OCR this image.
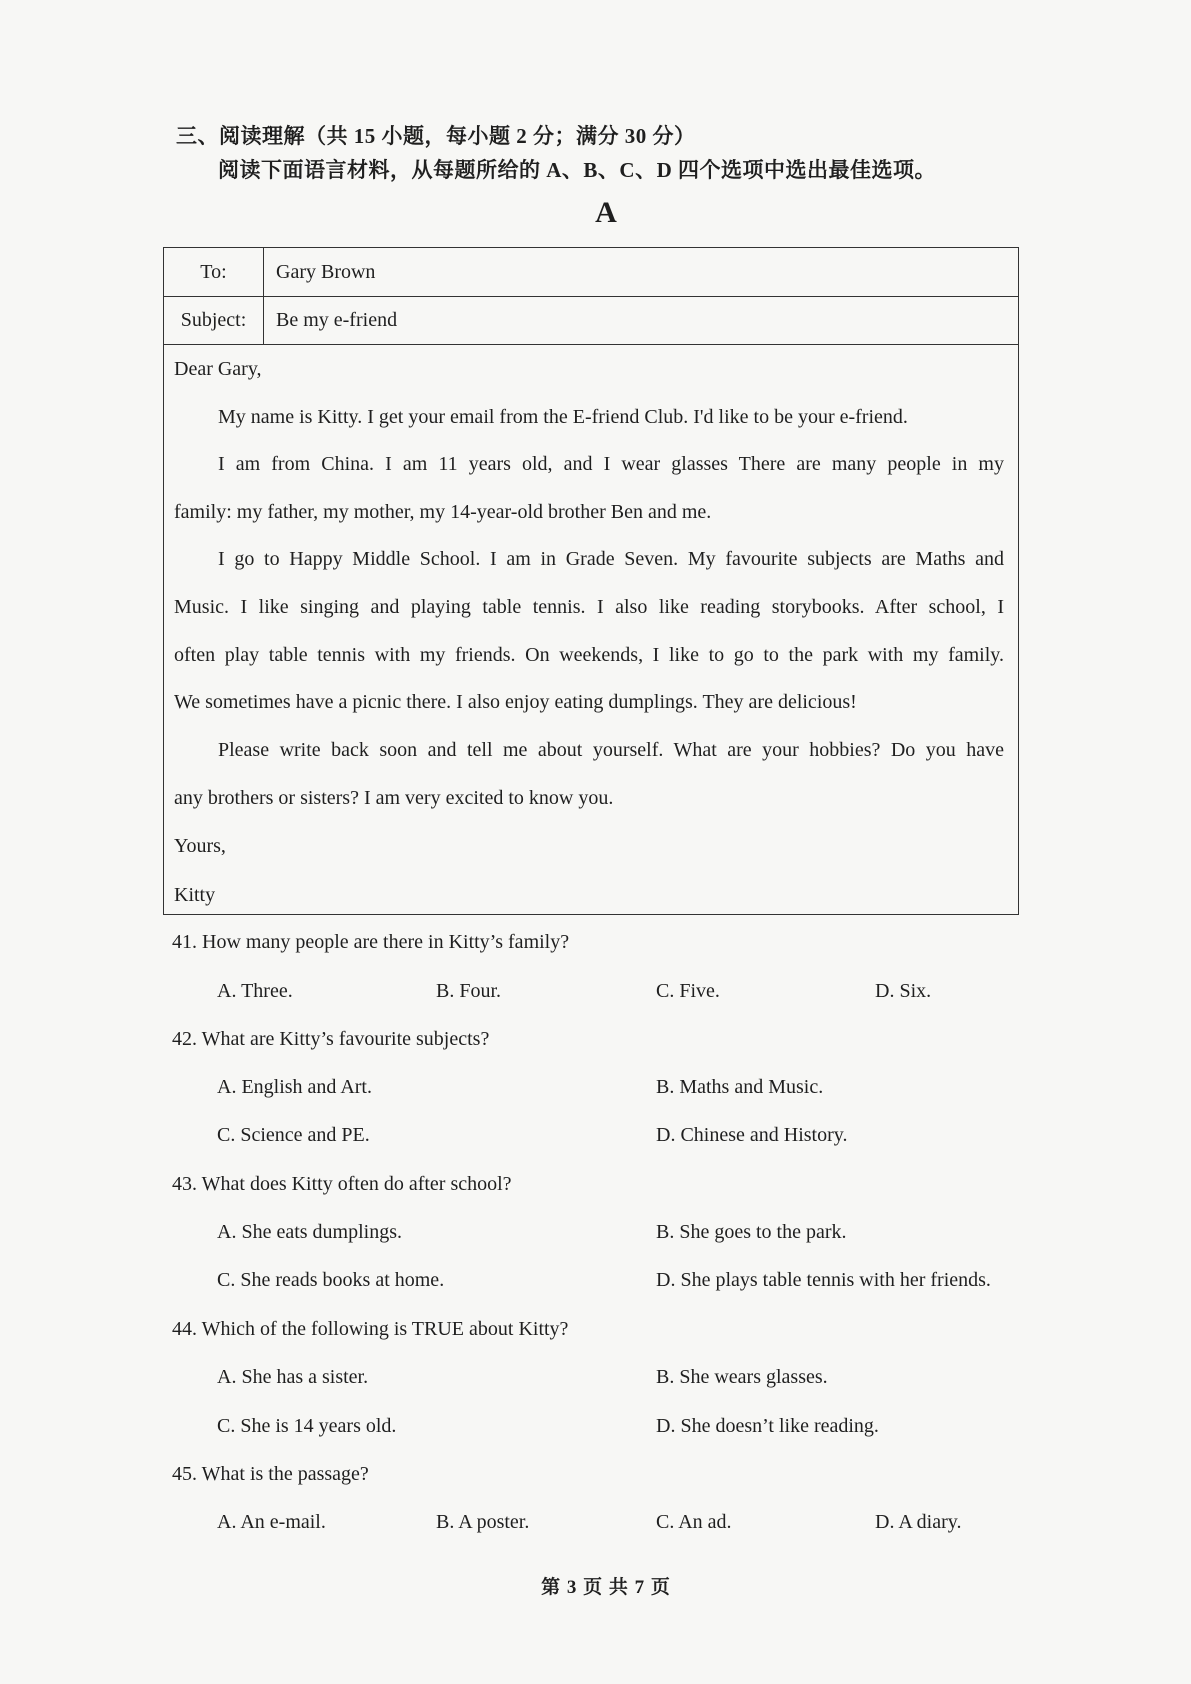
三、阅读理解（共 15 小题，每小题 2 分；满分 30 分）
阅读下面语言材料，从每题所给的 A、B、C、D 四个选项中选出最佳选项。
A
To:	Gary Brown
Subject:	Be my e-friend
Dear Gary,
My name is Kitty. I get your email from the E-friend Club. I'd like to be your e-friend.
I am from China. I am 11 years old, and I wear glasses There are many people in my
family: my father, my mother, my 14-year-old brother Ben and me.
I go to Happy Middle School. I am in Grade Seven. My favourite subjects are Maths and
Music. I like singing and playing table tennis. I also like reading storybooks. After school, I
often play table tennis with my friends. On weekends, I like to go to the park with my family.
We sometimes have a picnic there. I also enjoy eating dumplings. They are delicious!
Please write back soon and tell me about yourself. What are your hobbies? Do you have
any brothers or sisters? I am very excited to know you.
Yours,
Kitty
41. How many people are there in Kitty’s family?
A. Three.	B. Four.	C. Five.	D. Six.
42. What are Kitty’s favourite subjects?
A. English and Art.	B. Maths and Music.
C. Science and PE.	D. Chinese and History.
43. What does Kitty often do after school?
A. She eats dumplings.	B. She goes to the park.
C. She reads books at home.	D. She plays table tennis with her friends.
44. Which of the following is TRUE about Kitty?
A. She has a sister.	B. She wears glasses.
C. She is 14 years old.	D. She doesn’t like reading.
45. What is the passage?
A. An e-mail.	B. A poster.	C. An ad.	D. A diary.
第 3 页 共 7 页
